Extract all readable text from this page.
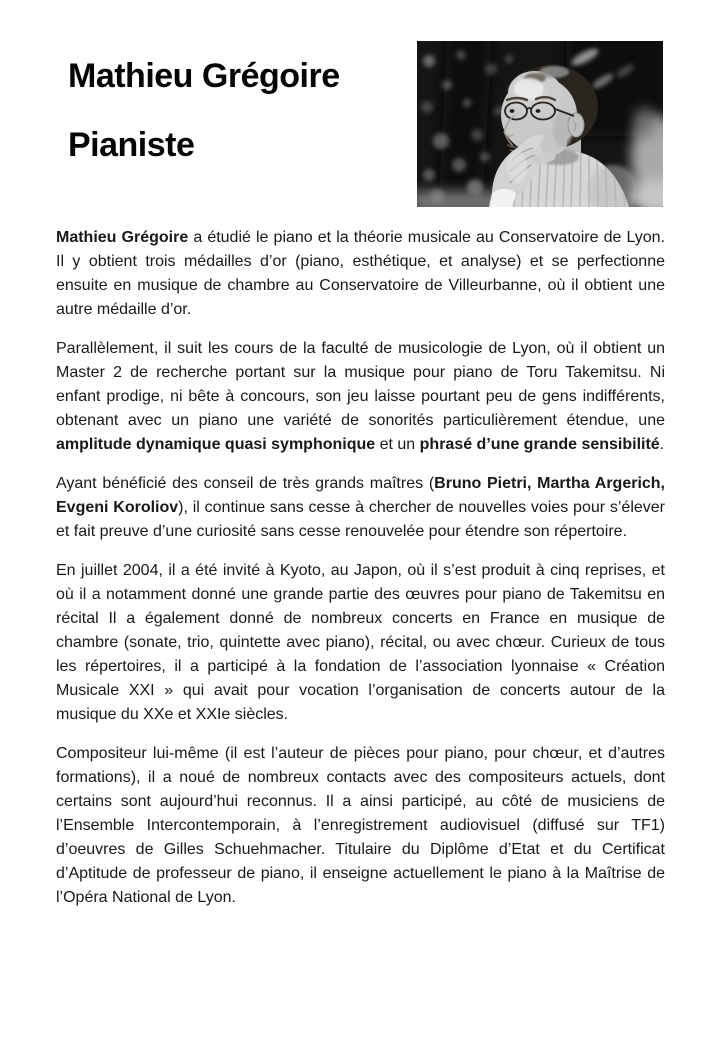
Mathieu Grégoire
Pianiste

Mathieu Grégoire a étudié le piano et la théorie musicale au Conservatoire de Lyon. Il y obtient trois médailles d’or (piano, esthétique, et analyse) et se perfectionne ensuite en musique de chambre au Conservatoire de Villeurbanne, où il obtient une autre médaille d’or.

Parallèlement, il suit les cours de la faculté de musicologie de Lyon, où il obtient un Master 2 de recherche portant sur la musique pour piano de Toru Takemitsu. Ni enfant prodige, ni bête à concours, son jeu laisse pourtant peu de gens indifférents, obtenant avec un piano une variété de sonorités particulièrement étendue, une amplitude dynamique quasi symphonique et un phrasé d’une grande sensibilité.

Ayant bénéficié des conseil de très grands maîtres (Bruno Pietri, Martha Argerich, Evgeni Koroliov), il continue sans cesse à chercher de nouvelles voies pour s’élever et fait preuve d’une curiosité sans cesse renouvelée pour étendre son répertoire.

En juillet 2004, il a été invité à Kyoto, au Japon, où il s’est produit à cinq reprises, et où il a notamment donné une grande partie des œuvres pour piano de Takemitsu en récital Il a également donné de nombreux concerts en France en musique de chambre (sonate, trio, quintette avec piano), récital, ou avec chœur. Curieux de tous les répertoires, il a participé à la fondation de l’association lyonnaise « Création Musicale XXI » qui avait pour vocation l’organisation de concerts autour de la musique du XXe et XXIe siècles.

Compositeur lui-même (il est l’auteur de pièces pour piano, pour chœur, et d’autres formations), il a noué de nombreux contacts avec des compositeurs actuels, dont certains sont aujourd’hui reconnus. Il a ainsi participé, au côté de musiciens de l’Ensemble Intercontemporain, à l’enregistrement audiovisuel (diffusé sur TF1) d’oeuvres de Gilles Schuehmacher. Titulaire du Diplôme d’Etat et du Certificat d’Aptitude de professeur de piano, il enseigne actuellement le piano à la Maîtrise de l’Opéra National de Lyon.
